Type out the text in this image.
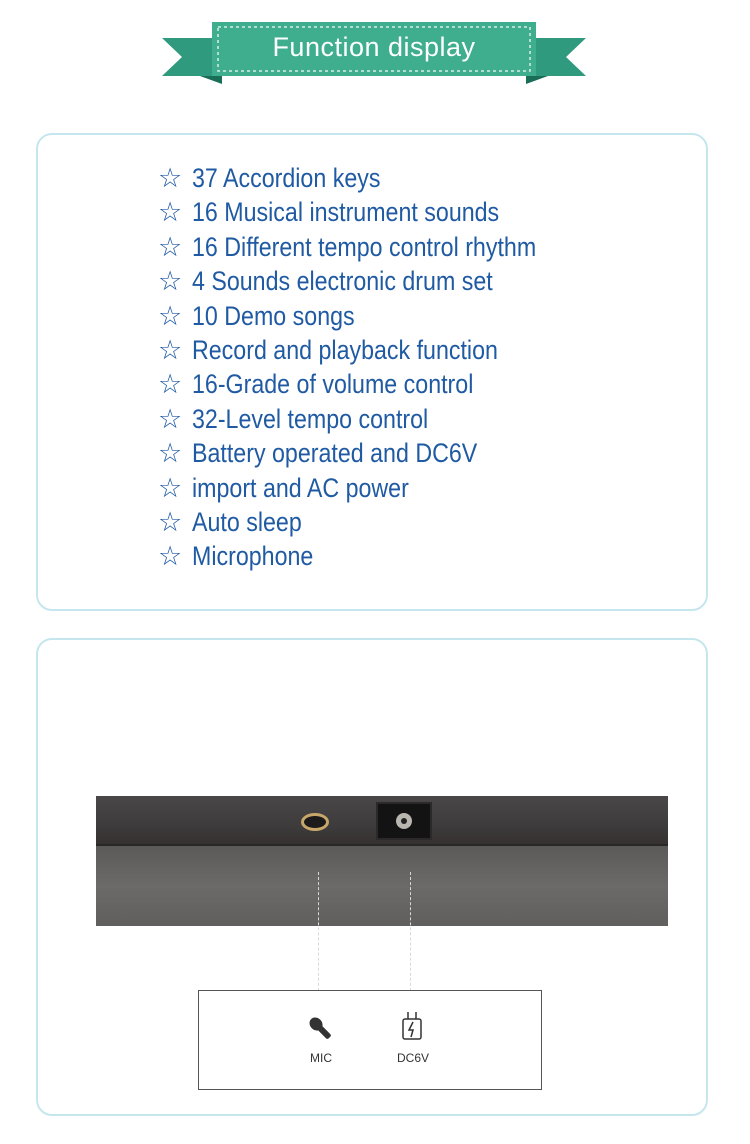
Function display
☆ 37 Accordion keys
☆ 16 Musical instrument sounds
☆ 16 Different tempo control rhythm
☆ 4 Sounds electronic drum set
☆ 10 Demo songs
☆ Record and playback function
☆ 16-Grade of volume control
☆ 32-Level tempo control
☆ Battery operated and DC6V
☆ import and AC power
☆ Auto sleep
☆ Microphone
MIC	DC6V
